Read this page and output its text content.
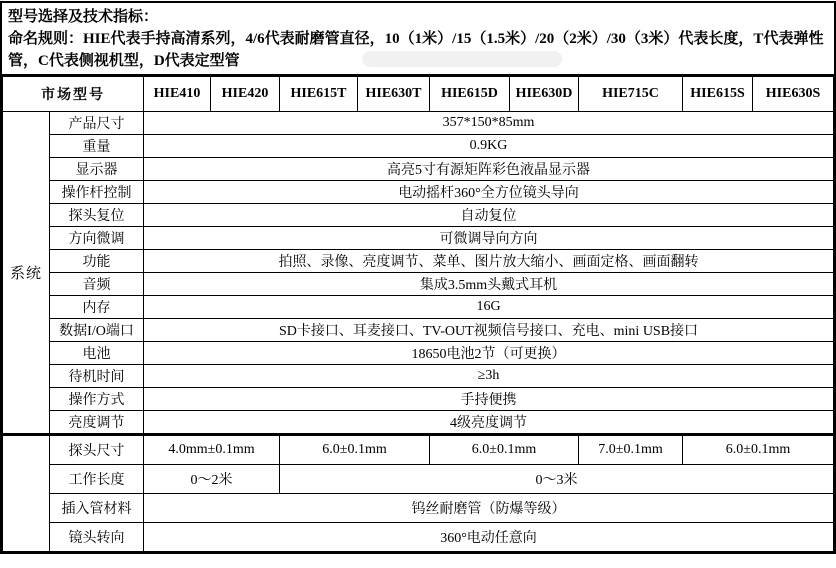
型号选择及技术指标：
命名规则：HIE代表手持高清系列，4/6代表耐磨管直径，10（1米）/15（1.5米）/20（2米）/30（3米）代表长度，T代表弹性管，C代表侧视机型，D代表定型管
市场型号		HIE410	HIE420	HIE615T	HIE630T	HIE615D	HIE630D	HIE715C	HIE615S	HIE630S
系统	产品尺寸	357*150*85mm								
	重量	0.9KG								
	显示器	高亮5寸有源矩阵彩色液晶显示器								
	操作杆控制	电动摇杆360°全方位镜头导向								
	探头复位	自动复位								
	方向微调	可微调导向方向								
	功能	拍照、录像、亮度调节、菜单、图片放大缩小、画面定格、画面翻转								
	音频	集成3.5mm头戴式耳机								
	内存	16G								
	数据I/O端口	SD卡接口、耳麦接口、TV-OUT视频信号接口、充电、mini USB接口								
	电池	18650电池2节（可更换）								
	待机时间	≥3h								
	操作方式	手持便携								
	亮度调节	4级亮度调节								
	探头尺寸	4.0mm±0.1mm		6.0±0.1mm		6.0±0.1mm		7.0±0.1mm	6.0±0.1mm	
	工作长度	0～2米		0～3米						
	插入管材料	钨丝耐磨管（防爆等级）								
	镜头转向	360°电动任意向								
